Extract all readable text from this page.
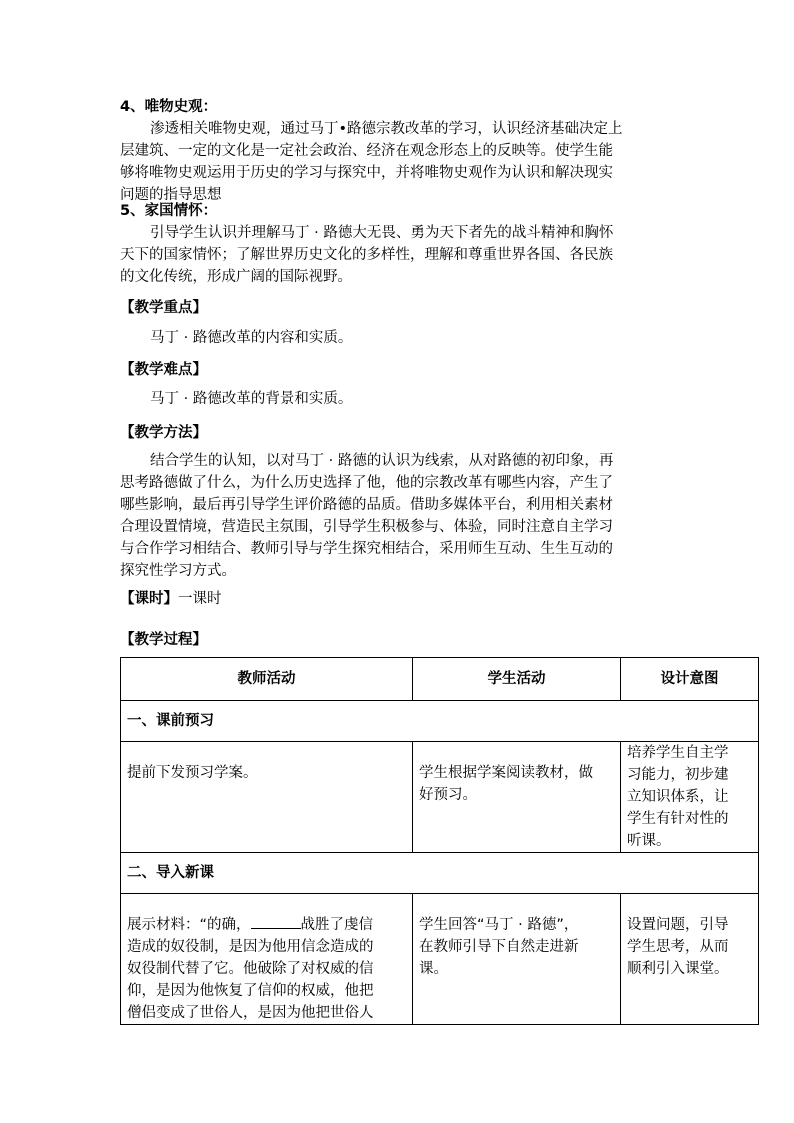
4、唯物史观：
渗透相关唯物史观，通过马丁•路德宗教改革的学习，认识经济基础决定上
层建筑、一定的文化是一定社会政治、经济在观念形态上的反映等。使学生能
够将唯物史观运用于历史的学习与探究中，并将唯物史观作为认识和解决现实
问题的指导思想
5、家国情怀：
引导学生认识并理解马丁 · 路德大无畏、勇为天下者先的战斗精神和胸怀
天下的国家情怀；了解世界历史文化的多样性，理解和尊重世界各国、各民族
的文化传统，形成广阔的国际视野。
【教学重点】
马丁 · 路德改革的内容和实质。
【教学难点】
马丁 · 路德改革的背景和实质。
【教学方法】
结合学生的认知，以对马丁 · 路德的认识为线索，从对路德的初印象，再
思考路德做了什么，为什么历史选择了他，他的宗教改革有哪些内容，产生了
哪些影响，最后再引导学生评价路德的品质。借助多媒体平台，利用相关素材
合理设置情境，营造民主氛围，引导学生积极参与、体验，同时注意自主学习
与合作学习相结合、教师引导与学生探究相结合，采用师生互动、生生互动的
探究性学习方式。
【课时】一课时
【教学过程】
教师活动	学生活动	设计意图
一、课前预习		

提前下发预习学案。	学生根据学案阅读教材，做
好预习。	培养学生自主学
习能力，初步建
立知识体系，让
学生有针对性的
听课。

二、导入新课		

展示材料：“的确， 战胜了虔信
造成的奴役制，是因为他用信念造成的
奴役制代替了它。他破除了对权威的信
仰，是因为他恢复了信仰的权威，他把
僧侣变成了世俗人，是因为他把世俗人	学生回答“马丁 · 路德”，
在教师引导下自然走进新
课。	设置问题，引导
学生思考，从而
顺利引入课堂。
